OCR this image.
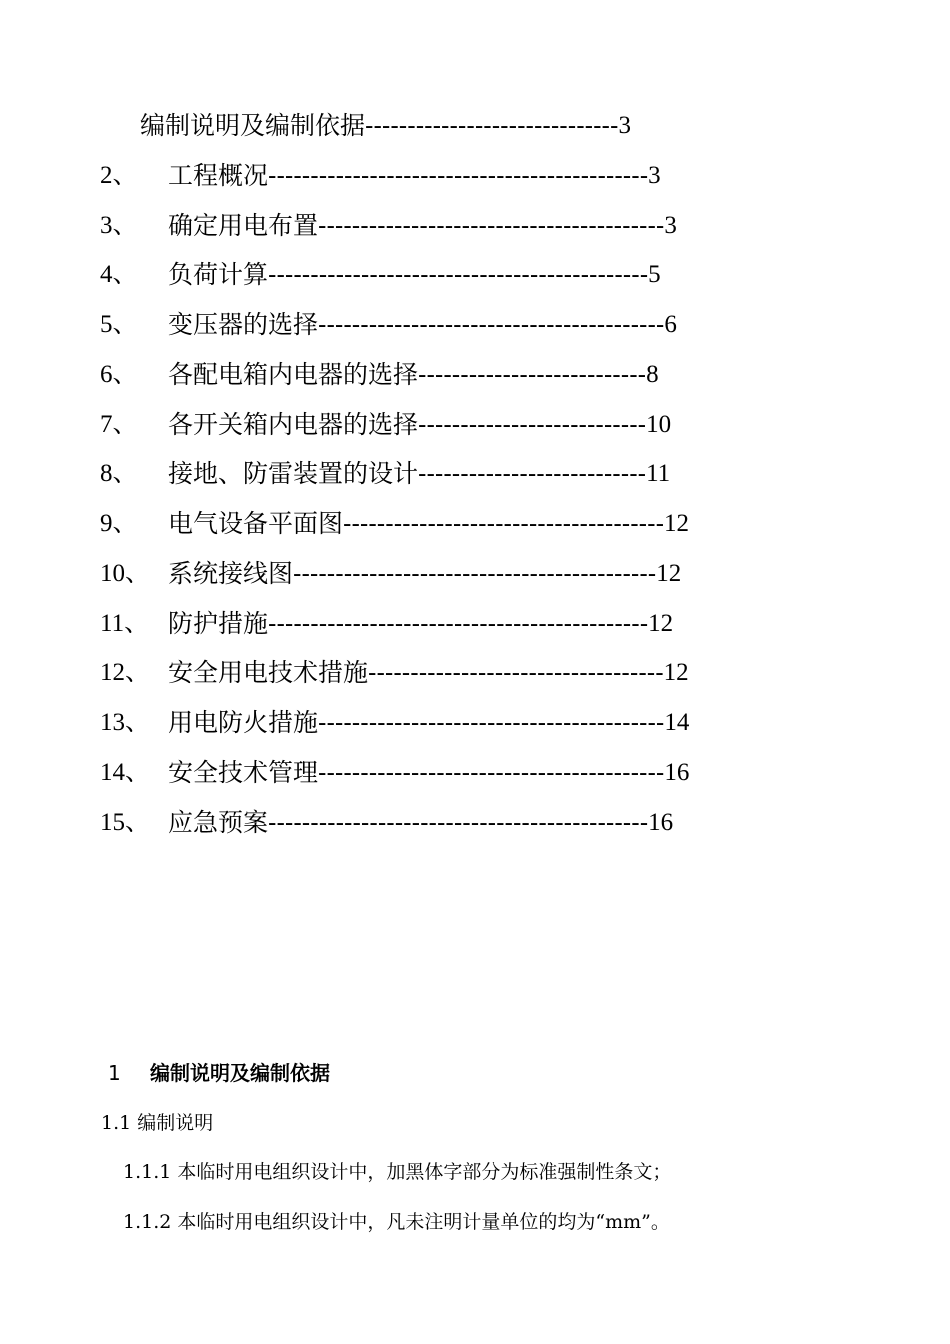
编制说明及编制依据 ------------------------------ 3
2、 工程概况 --------------------------------------------- 3
3、 确定用电布置 ----------------------------------------- 3
4、 负荷计算 --------------------------------------------- 5
5、 变压器的选择 ----------------------------------------- 6
6、 各配电箱内电器的选择 --------------------------- 8
7、 各开关箱内电器的选择 --------------------------- 10
8、 接地、防雷装置的设计 --------------------------- 11
9、 电气设备平面图 -------------------------------------- 12
10、 系统接线图 ------------------------------------------- 12
11、 防护措施 --------------------------------------------- 12
12、 安全用电技术措施 ----------------------------------- 12
13、 用电防火措施 ----------------------------------------- 14
14、 安全技术管理 ----------------------------------------- 16
15、 应急预案 --------------------------------------------- 16
1 编制说明及编制依据
1.1 编制说明
1.1.1 本临时用电组织设计中，加黑体字部分为标准强制性条文；
1.1.2 本临时用电组织设计中，凡未注明计量单位的均为“mm”。
